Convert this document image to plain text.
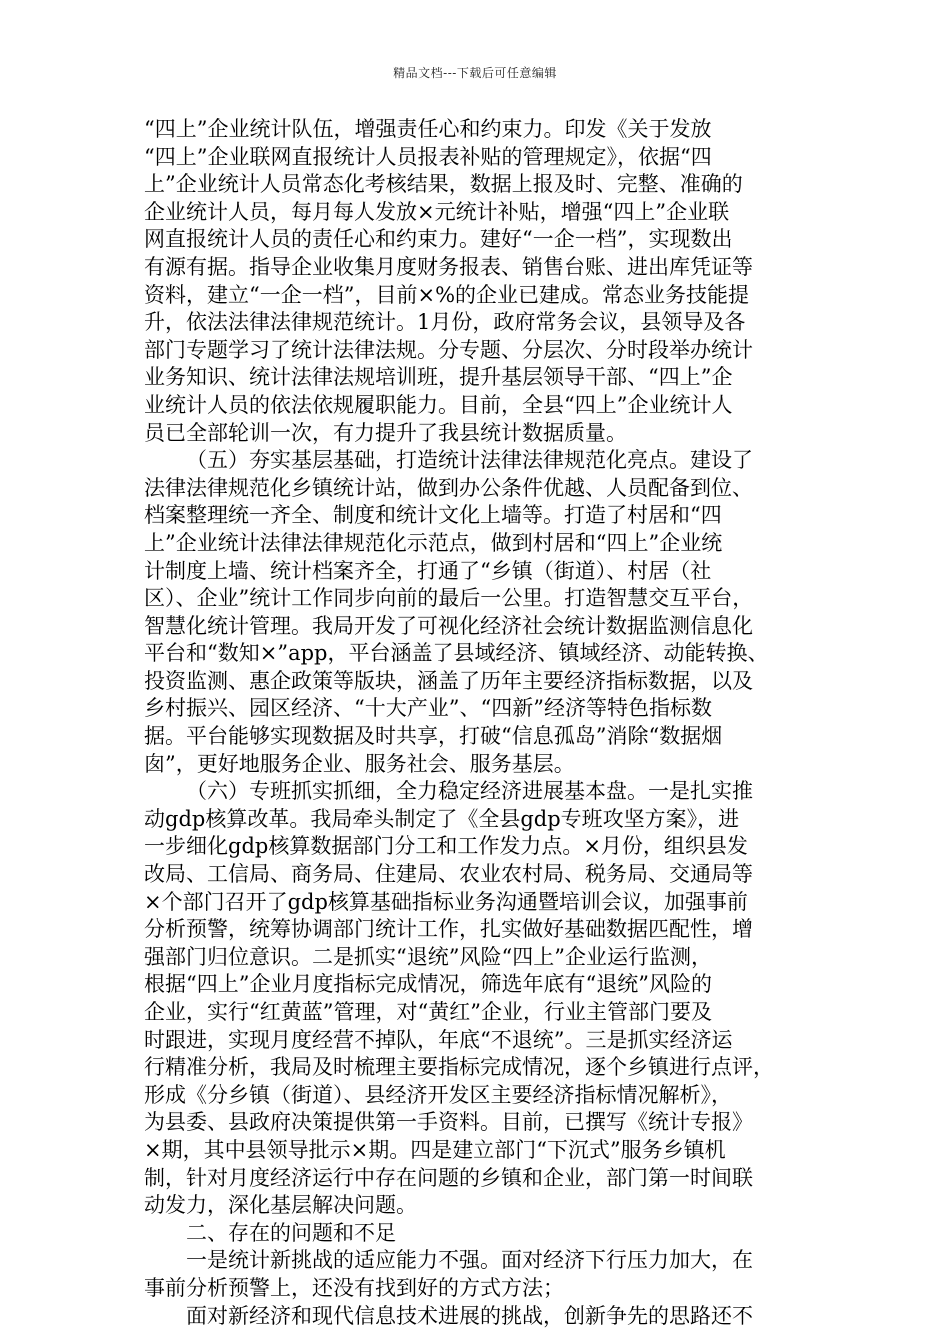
精品文档---下载后可任意编辑

“四上”企业统计队伍，增强责任心和约束力。印发《关于发放

“四上”企业联网直报统计人员报表补贴的管理规定》，依据“四

上”企业统计人员常态化考核结果，数据上报及时、完整、准确的

企业统计人员，每月每人发放×元统计补贴，增强“四上”企业联

网直报统计人员的责任心和约束力。建好“一企一档”，实现数出

有源有据。指导企业收集月度财务报表、销售台账、进出库凭证等

资料，建立“一企一档”，目前×%的企业已建成。常态业务技能提

升，依法法律法律规范统计。1月份，政府常务会议，县领导及各

部门专题学习了统计法律法规。分专题、分层次、分时段举办统计

业务知识、统计法律法规培训班，提升基层领导干部、“四上”企

业统计人员的依法依规履职能力。目前，全县“四上”企业统计人

员已全部轮训一次，有力提升了我县统计数据质量。

（五）夯实基层基础，打造统计法律法律规范化亮点。建设了

法律法律规范化乡镇统计站，做到办公条件优越、人员配备到位、

档案整理统一齐全、制度和统计文化上墙等。打造了村居和“四

上”企业统计法律法律规范化示范点，做到村居和“四上”企业统

计制度上墙、统计档案齐全，打通了“乡镇（街道）、村居（社

区）、企业”统计工作同步向前的最后一公里。打造智慧交互平台，

智慧化统计管理。我局开发了可视化经济社会统计数据监测信息化

平台和“数知×”app，平台涵盖了县域经济、镇域经济、动能转换、

投资监测、惠企政策等版块，涵盖了历年主要经济指标数据，以及

乡村振兴、园区经济、“十大产业”、“四新”经济等特色指标数

据。平台能够实现数据及时共享，打破“信息孤岛”消除“数据烟

囱”，更好地服务企业、服务社会、服务基层。

（六）专班抓实抓细，全力稳定经济进展基本盘。一是扎实推

动gdp核算改革。我局牵头制定了《全县gdp专班攻坚方案》，进

一步细化gdp核算数据部门分工和工作发力点。×月份，组织县发

改局、工信局、商务局、住建局、农业农村局、税务局、交通局等

×个部门召开了gdp核算基础指标业务沟通暨培训会议，加强事前

分析预警，统筹协调部门统计工作，扎实做好基础数据匹配性，增

强部门归位意识。二是抓实“退统”风险“四上”企业运行监测，

根据“四上”企业月度指标完成情况，筛选年底有“退统”风险的

企业，实行“红黄蓝”管理，对“黄红”企业，行业主管部门要及

时跟进，实现月度经营不掉队，年底“不退统”。三是抓实经济运

行精准分析，我局及时梳理主要指标完成情况，逐个乡镇进行点评，

形成《分乡镇（街道）、县经济开发区主要经济指标情况解析》，

为县委、县政府决策提供第一手资料。目前，已撰写《统计专报》

×期，其中县领导批示×期。四是建立部门“下沉式”服务乡镇机

制，针对月度经济运行中存在问题的乡镇和企业，部门第一时间联

动发力，深化基层解决问题。

二、存在的问题和不足

一是统计新挑战的适应能力不强。面对经济下行压力加大，在

事前分析预警上，还没有找到好的方式方法；

面对新经济和现代信息技术进展的挑战，创新争先的思路还不
